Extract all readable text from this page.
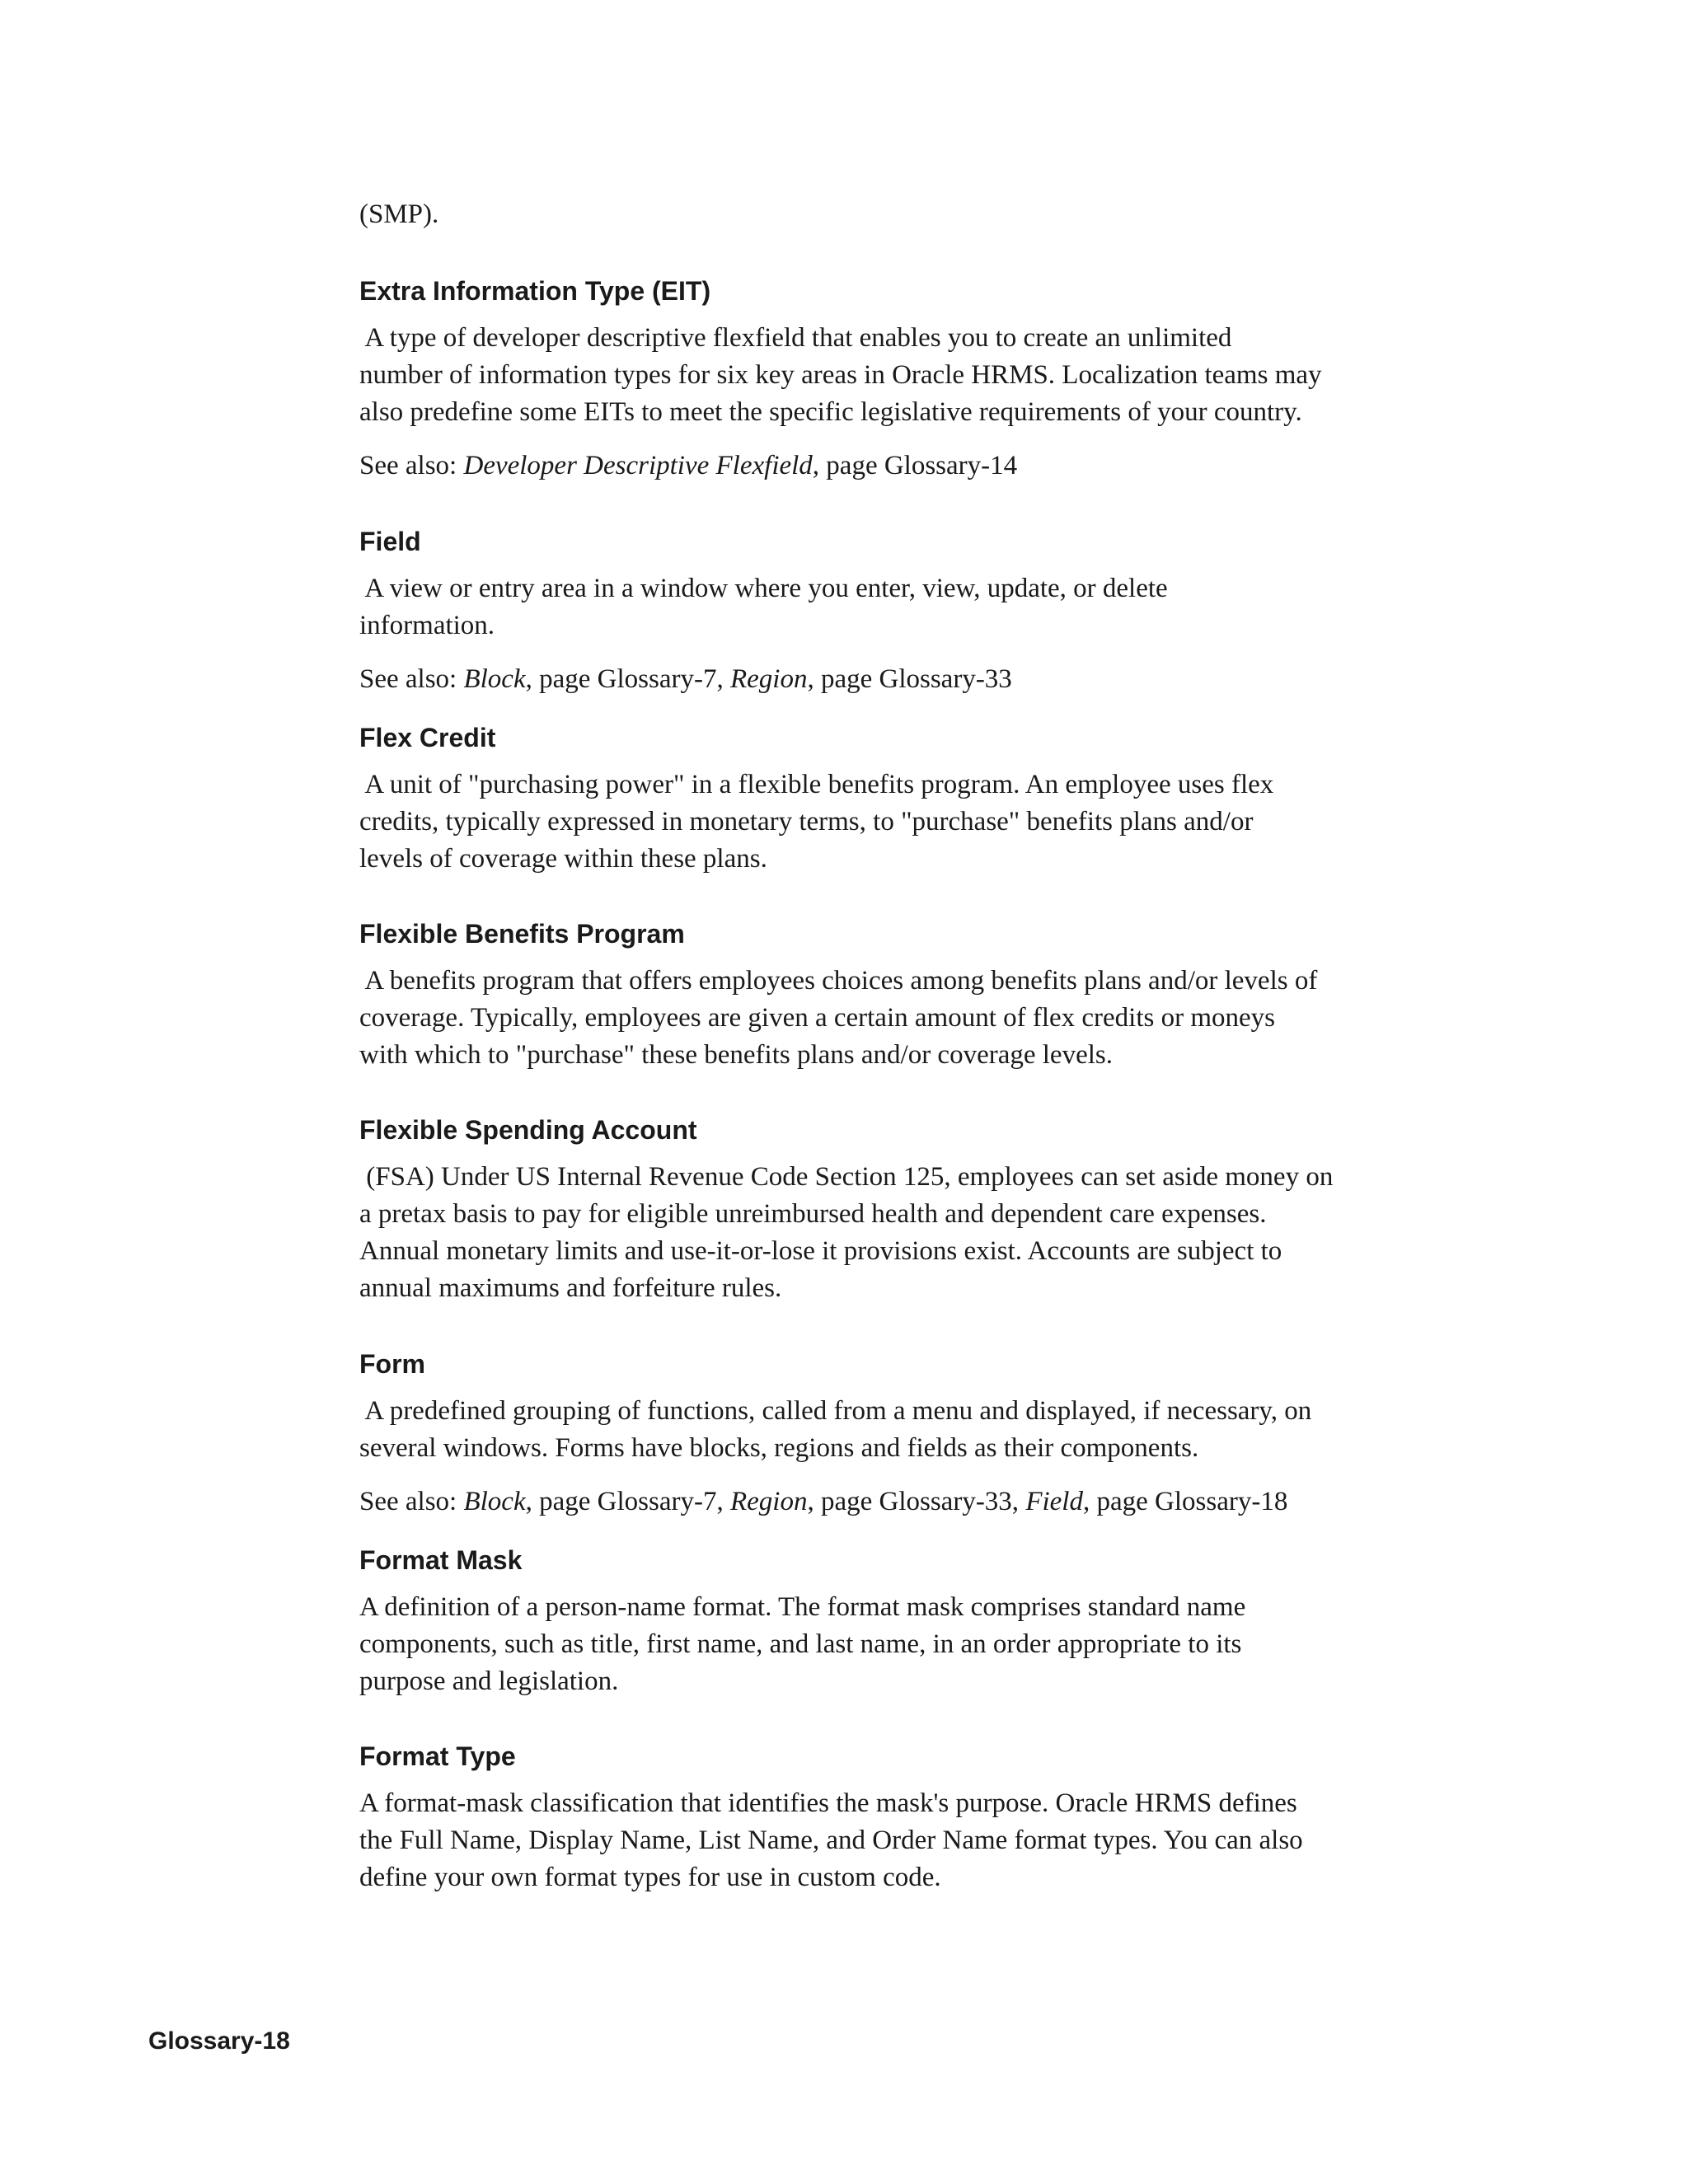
(SMP).
Extra Information Type (EIT)
A type of developer descriptive flexfield that enables you to create an unlimited
number of information types for six key areas in Oracle HRMS. Localization teams may
also predefine some EITs to meet the specific legislative requirements of your country.
See also: Developer Descriptive Flexfield, page Glossary-14
Field
A view or entry area in a window where you enter, view, update, or delete
information.
See also: Block, page Glossary-7, Region, page Glossary-33
Flex Credit
A unit of "purchasing power" in a flexible benefits program. An employee uses flex
credits, typically expressed in monetary terms, to "purchase" benefits plans and/or
levels of coverage within these plans.
Flexible Benefits Program
A benefits program that offers employees choices among benefits plans and/or levels of
coverage. Typically, employees are given a certain amount of flex credits or moneys
with which to "purchase" these benefits plans and/or coverage levels.
Flexible Spending Account
(FSA) Under US Internal Revenue Code Section 125, employees can set aside money on
a pretax basis to pay for eligible unreimbursed health and dependent care expenses.
Annual monetary limits and use-it-or-lose it provisions exist. Accounts are subject to
annual maximums and forfeiture rules.
Form
A predefined grouping of functions, called from a menu and displayed, if necessary, on
several windows. Forms have blocks, regions and fields as their components.
See also: Block, page Glossary-7, Region, page Glossary-33, Field, page Glossary-18
Format Mask
A definition of a person-name format. The format mask comprises standard name
components, such as title, first name, and last name, in an order appropriate to its
purpose and legislation.
Format Type
A format-mask classification that identifies the mask's purpose. Oracle HRMS defines
the Full Name, Display Name, List Name, and Order Name format types. You can also
define your own format types for use in custom code.
Glossary-18
